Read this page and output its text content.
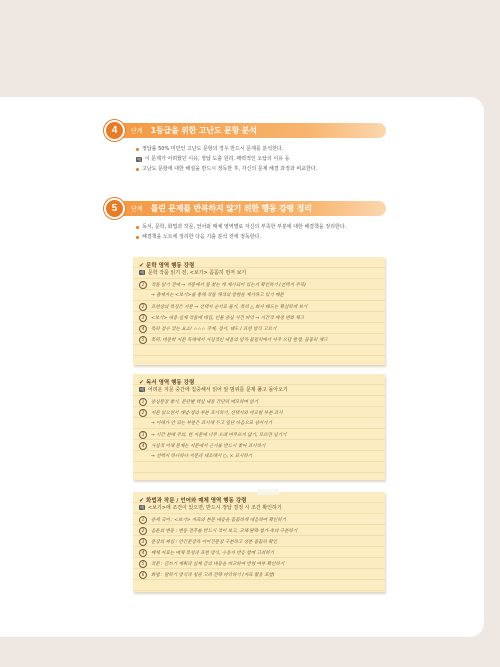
4	단계 1등급을 위한 고난도 문항 분석
정답률 50% 미만인 고난도 문항의 경우 반드시 문제를 분석한다.
예 이 문제가 어려웠던 이유, 정답 도출 원리, 매력적인 오답의 이유 등
고난도 문항에 대한 해설을 반드시 정독한 후, 자신의 문제 해결 과정과 비교한다.
5	단계 틀린 문제를 반복하지 않기 위한 행동 강령 정리
독서, 문학, 화법과 작문, 언어와 매체 영역별로 자신의 부족한 부분에 대한 해결책을 정리한다.
해결책을 노트에 정리한 다음 기출 분석 전에 정독한다.
✔ 문학 영역 행동 강령
예 문학 작품 읽기 전, <보기> 꼼꼼히 먼저 보기
1	작품 읽기 전에 → 지문에서 뭘 찾는 게 제시되어 있는지 확인하기 (선택지 주목)
→ 출제자는 <보기>를 통해 작품 해석의 방향을 제시하고 있기 때문
2	표현상의 특징은 지문 → 선택지 순서로 풀기, 특히 △ 화자 태도는 확실하게 보기
3	<보기> 내용 실제 작품에 대입, 인물 중심 사건 파악 → 시간적 배경 변화 체크
4	특히 점수 깎는 요소! ☆☆☆ 주제, 정서, 태도 / 표현 방식 고르기
5	특히, 비문학 지문 독해에서 사실적인 내용의 일치·불일치에서 자주 오답 발생, 꼼꼼히 체크
✔ 독서 영역 행동 강령
예 어려운 지문 중간에 집중해서 읽어 알 범위를 문제 풀고 돌아오기
1	중심문장 찾기, 문단별 핵심 내용 간단히 메모하며 읽기
2	지문 읽으면서 개념·정의 부분 표시하기, 선택지와 비교할 부분 표시
→ 이해가 안 되는 부분은 표시해 두고 일단 다음으로 넘어가기
3	→ 시간 분배 주의, 한 지문에 너무 오래 머무르지 않기, 모르면 넘기기
4	사실적 이해 문제는 지문에서 근거를 반드시 찾아 표시하기
→ 선택지 하나하나 지문과 대조해서 ○, × 표시하기
✔ 화법과 작문 / 언어와 매체 영역 행동 강령
예 <보기>에 조건이 있으면, 반드시 정답 결정 시 조건 확인하기
1	중세 국어 : <보기> 자료와 본문 내용을 꼼꼼하게 대응하여 확인하기
2	음운의 변동 : 변동 전후를 반드시 적어 보고, 교체·탈락·첨가·축약 구분하기
3	문장의 짜임 : 안긴문장과 이어진문장 구분하고 성분 꼼꼼히 확인
4	매체 자료는 매체 특성과 표현 방식, 수용자 반응 함께 고려하기
5	작문 : 글쓰기 계획과 실제 글의 내용을 비교하여 반영 여부 확인하기
6	화법 : 말하기 방식과 청중 고려 전략 파악하기 (자료 활용 포함)
